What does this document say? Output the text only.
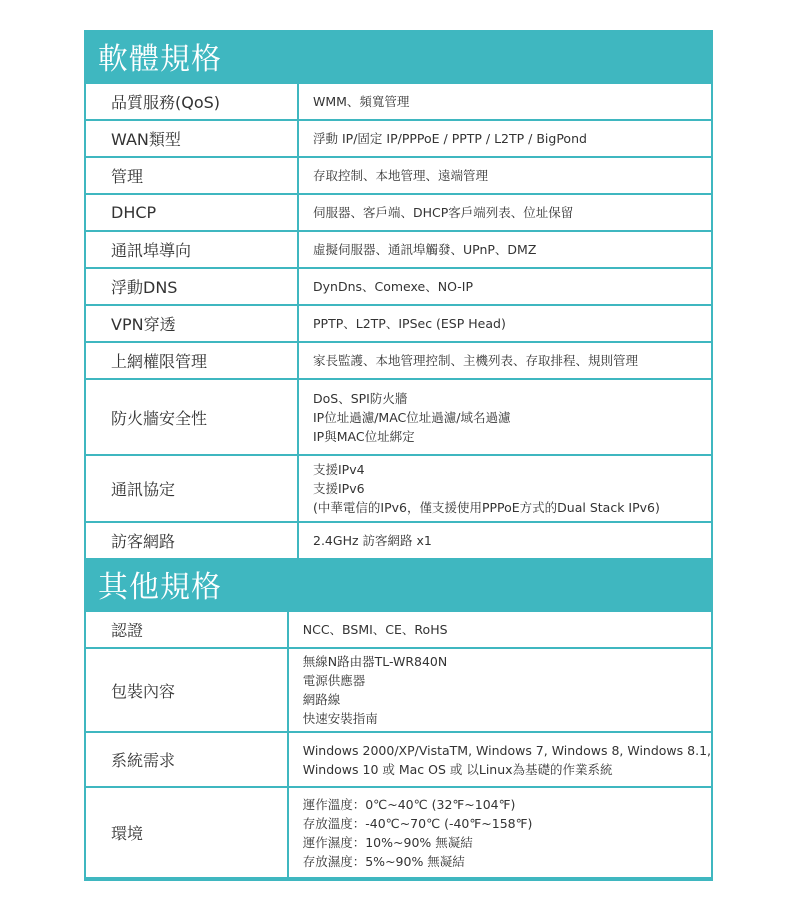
軟體規格
品質服務(QoS)		WMM、頻寬管理

WAN類型		浮動 IP/固定 IP/PPPoE / PPTP / L2TP / BigPond

管理		存取控制、本地管理、遠端管理

DHCP		伺服器、客戶端、DHCP客戶端列表、位址保留

通訊埠導向		虛擬伺服器、通訊埠觸發、UPnP、DMZ

浮動DNS		DynDns、Comexe、NO-IP

VPN穿透		PPTP、L2TP、IPSec (ESP Head)

上網權限管理		家長監護、本地管理控制、主機列表、存取排程、規則管理

防火牆安全性		DoS、SPI防火牆
IP位址過濾/MAC位址過濾/域名過濾
IP與MAC位址綁定

通訊協定		支援IPv4
支援IPv6
(中華電信的IPv6，僅支援使用PPPoE方式的Dual Stack IPv6)

訪客網路		2.4GHz 訪客網路 x1
其他規格
認證		NCC、BSMI、CE、RoHS

包裝內容		無線N路由器TL-WR840N
電源供應器
網路線
快速安裝指南

系統需求		Windows 2000/XP/VistaTM, Windows 7, Windows 8, Windows 8.1,
Windows 10 或 Mac OS 或 以Linux為基礎的作業系統

環境		運作溫度：0℃~40℃ (32℉~104℉)
存放溫度：-40℃~70℃ (-40℉~158℉)
運作濕度：10%~90% 無凝結
存放濕度：5%~90% 無凝結
